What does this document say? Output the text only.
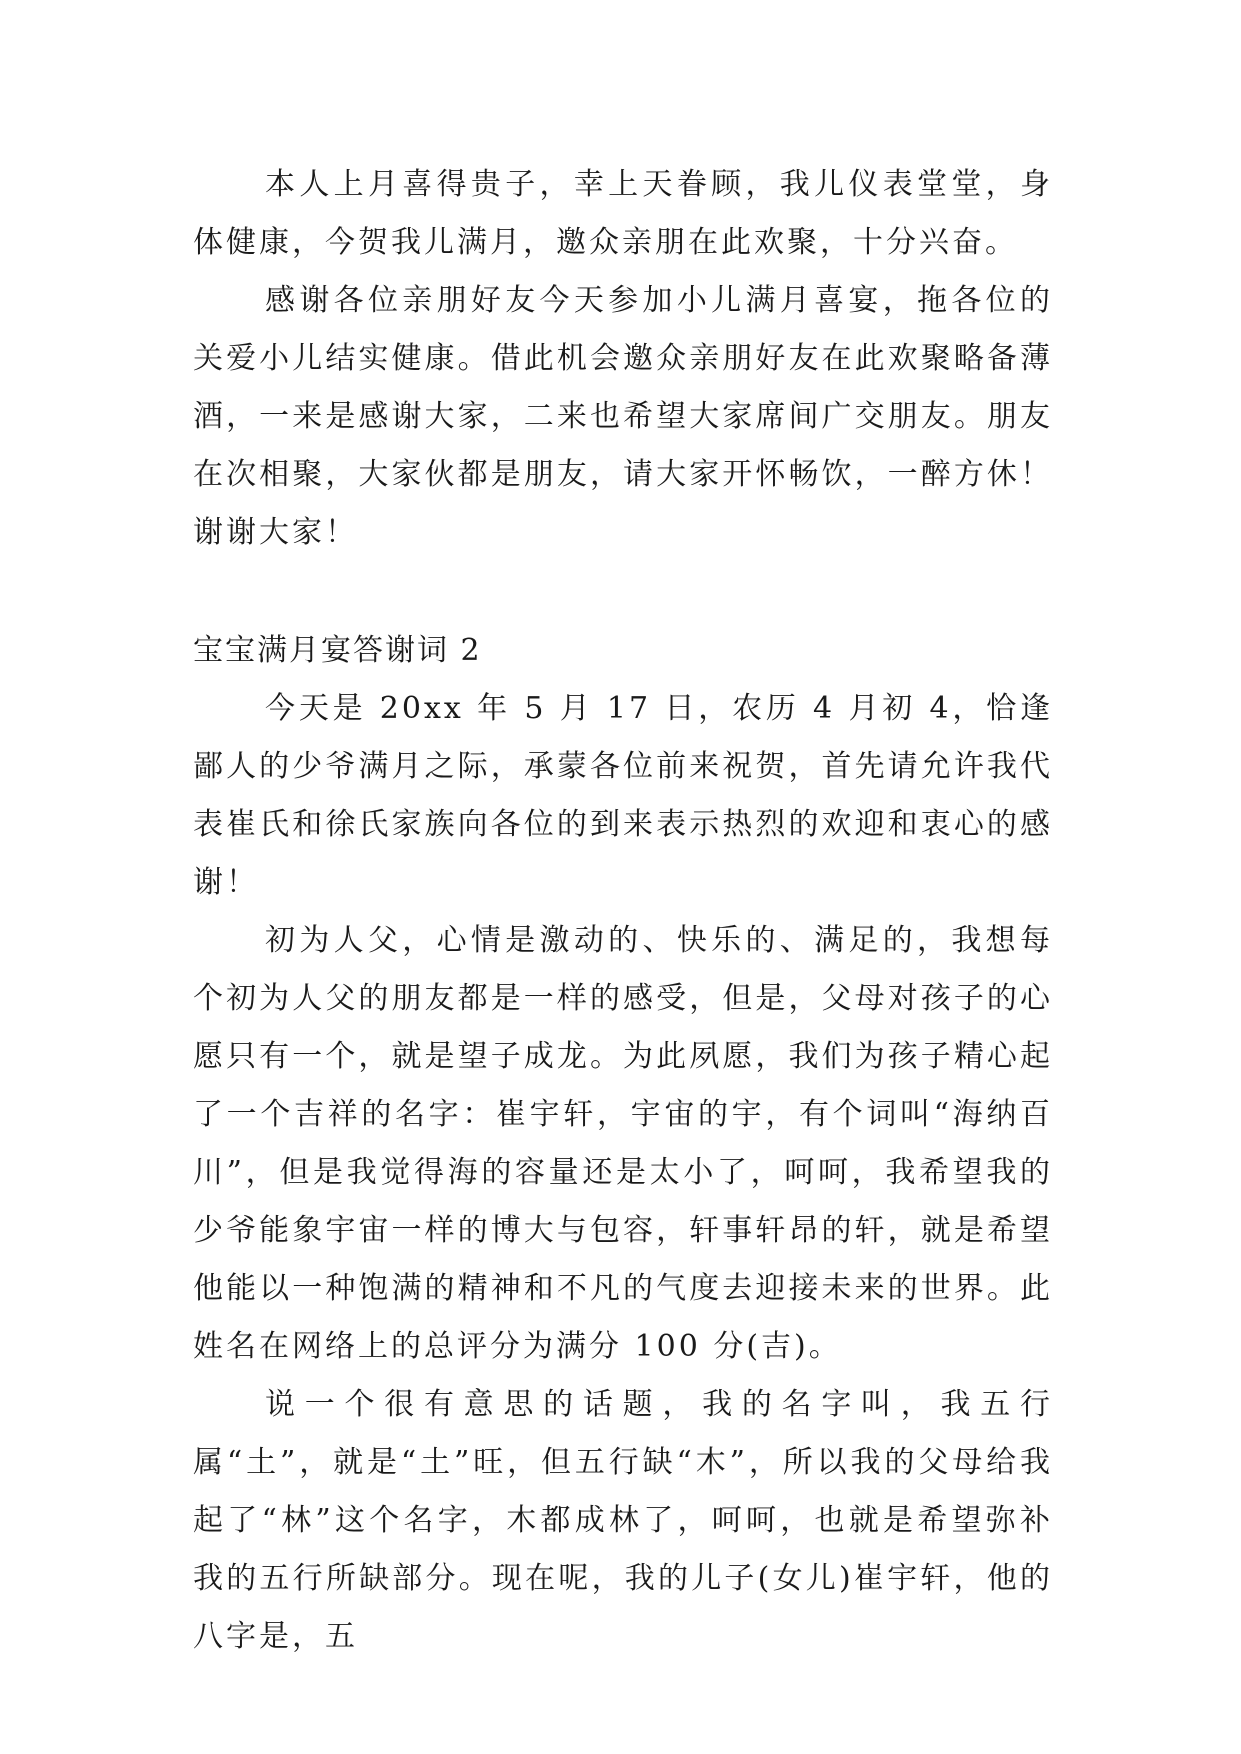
本人上月喜得贵子，幸上天眷顾，我儿仪表堂堂，身体健康，今贺我儿满月，邀众亲朋在此欢聚，十分兴奋。

感谢各位亲朋好友今天参加小儿满月喜宴，拖各位的关爱小儿结实健康。借此机会邀众亲朋好友在此欢聚略备薄酒，一来是感谢大家，二来也希望大家席间广交朋友。朋友在次相聚，大家伙都是朋友，请大家开怀畅饮，一醉方休！谢谢大家！

宝宝满月宴答谢词 2

今天是 20xx 年 5 月 17 日，农历 4 月初 4，恰逢鄙人的少爷满月之际，承蒙各位前来祝贺，首先请允许我代表崔氏和徐氏家族向各位的到来表示热烈的欢迎和衷心的感谢！

初为人父，心情是激动的、快乐的、满足的，我想每个初为人父的朋友都是一样的感受，但是，父母对孩子的心愿只有一个，就是望子成龙。为此夙愿，我们为孩子精心起了一个吉祥的名字：崔宇轩，宇宙的宇，有个词叫“海纳百川”，但是我觉得海的容量还是太小了，呵呵，我希望我的少爷能象宇宙一样的博大与包容，轩事轩昂的轩，就是希望他能以一种饱满的精神和不凡的气度去迎接未来的世界。此姓名在网络上的总评分为满分 100 分(吉)。

说一个很有意思的话题，我的名字叫，我五行属“土”，就是“土”旺，但五行缺“木”，所以我的父母给我起了“林”这个名字，木都成林了，呵呵，也就是希望弥补我的五行所缺部分。现在呢，我的儿子(女儿)崔宇轩，他的八字是，五
